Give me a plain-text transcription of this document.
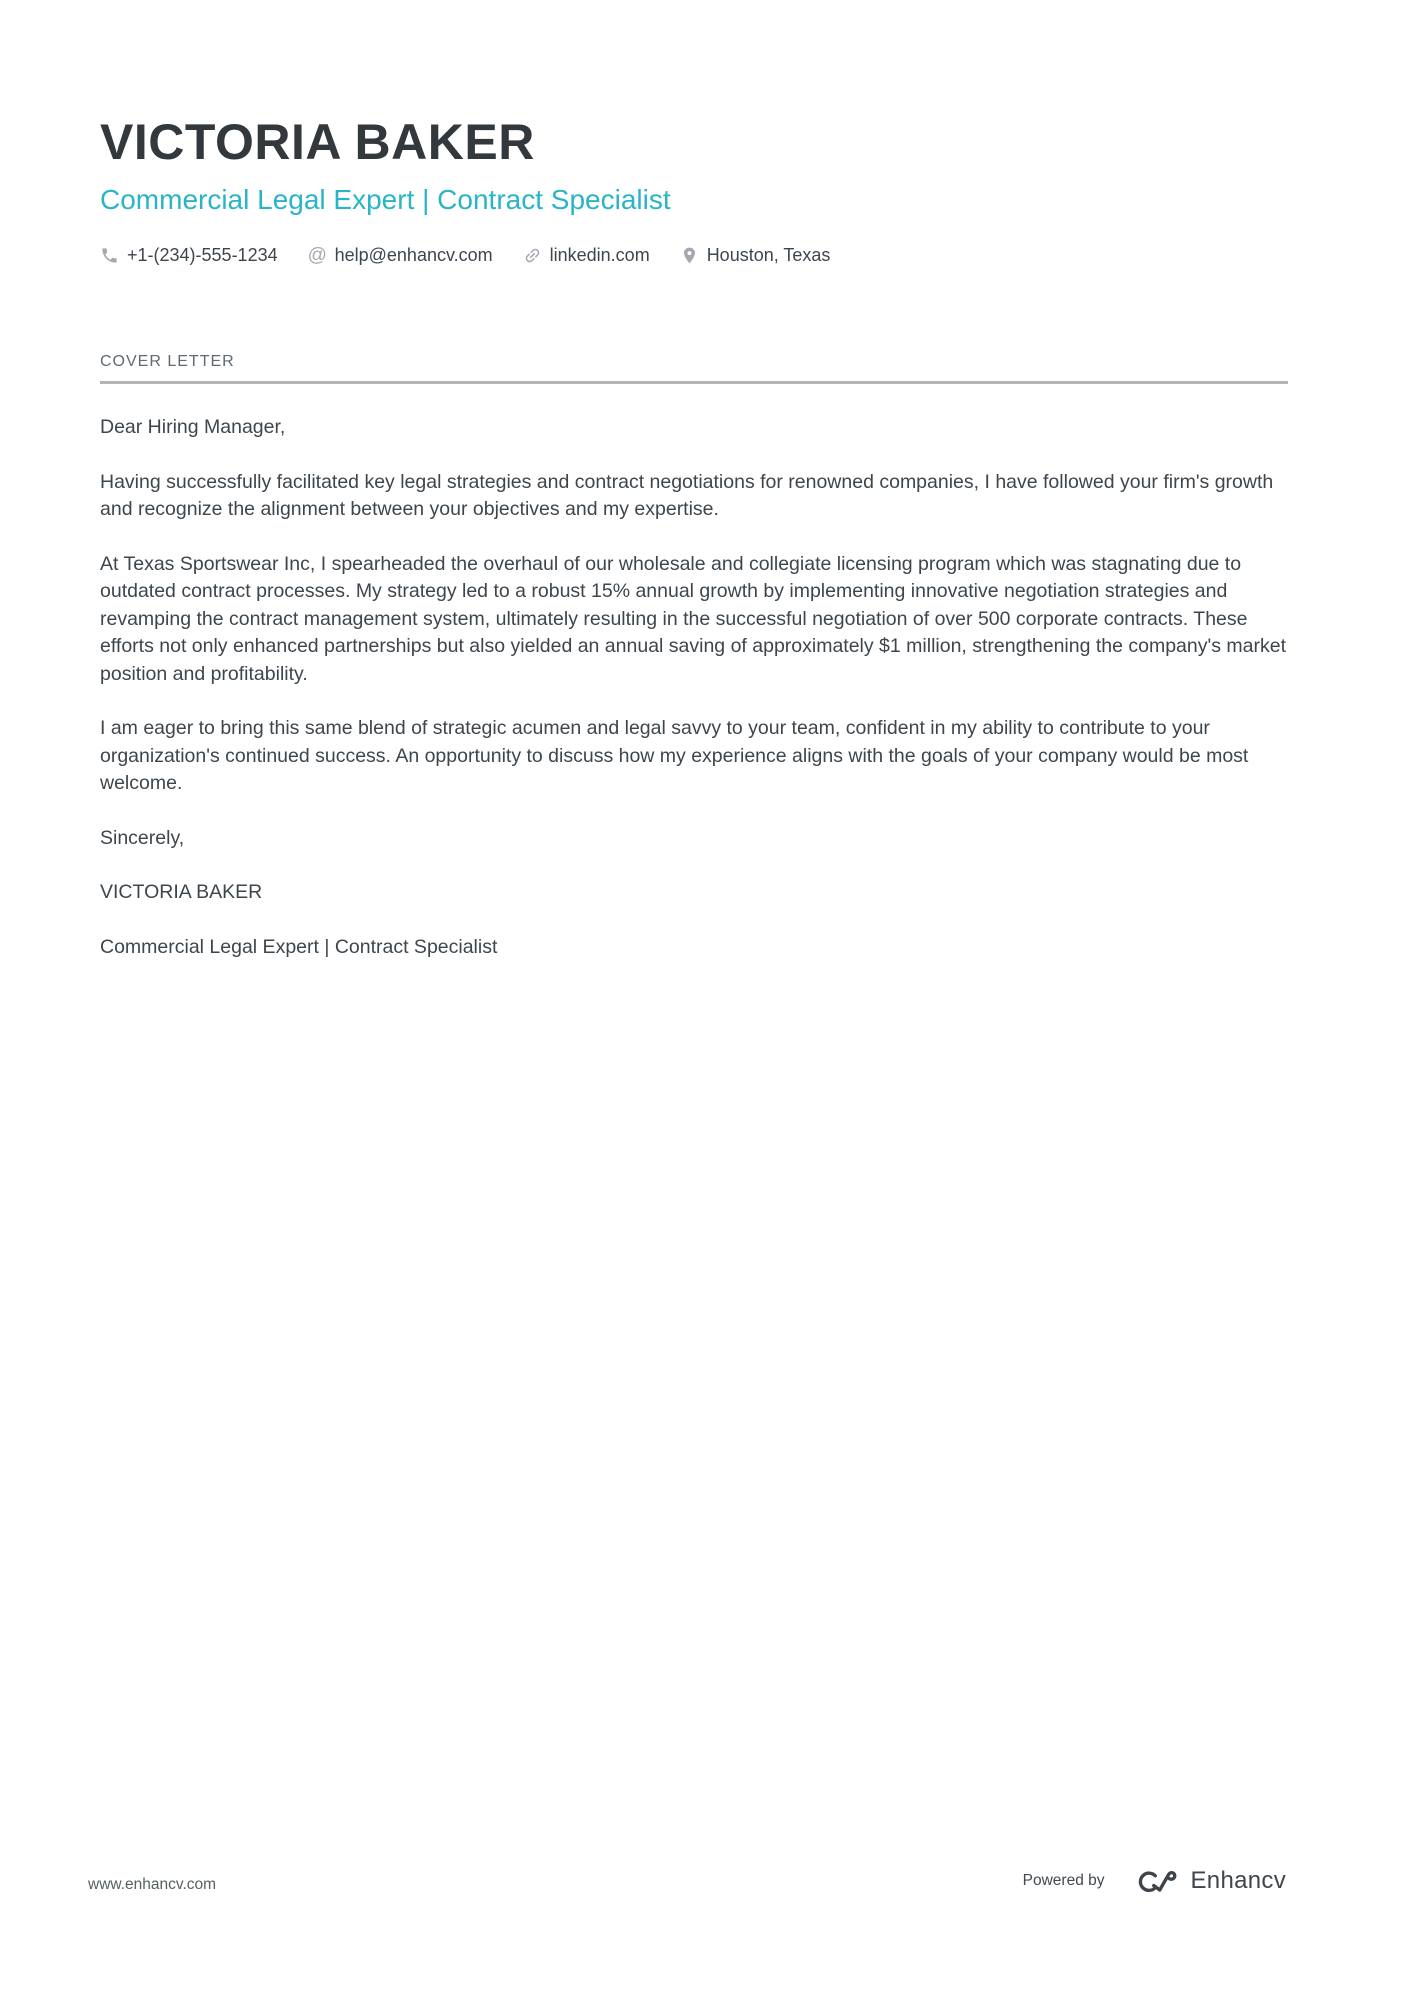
VICTORIA BAKER
Commercial Legal Expert | Contract Specialist
+1-(234)-555-1234 @ help@enhancv.com	linkedin.com	Houston, Texas
COVER LETTER

Dear Hiring Manager,

Having successfully facilitated key legal strategies and contract negotiations for renowned companies, I have followed your firm's growth and recognize the alignment between your objectives and my expertise.

At Texas Sportswear Inc, I spearheaded the overhaul of our wholesale and collegiate licensing program which was stagnating due to outdated contract processes. My strategy led to a robust 15% annual growth by implementing innovative negotiation strategies and revamping the contract management system, ultimately resulting in the successful negotiation of over 500 corporate contracts. These efforts not only enhanced partnerships but also yielded an annual saving of approximately $1 million, strengthening the company's market position and profitability.

I am eager to bring this same blend of strategic acumen and legal savvy to your team, confident in my ability to contribute to your organization's continued success. An opportunity to discuss how my experience aligns with the goals of your company would be most welcome.

Sincerely,

VICTORIA BAKER

Commercial Legal Expert | Contract Specialist

www.enhancv.com	Powered by	Enhancv
